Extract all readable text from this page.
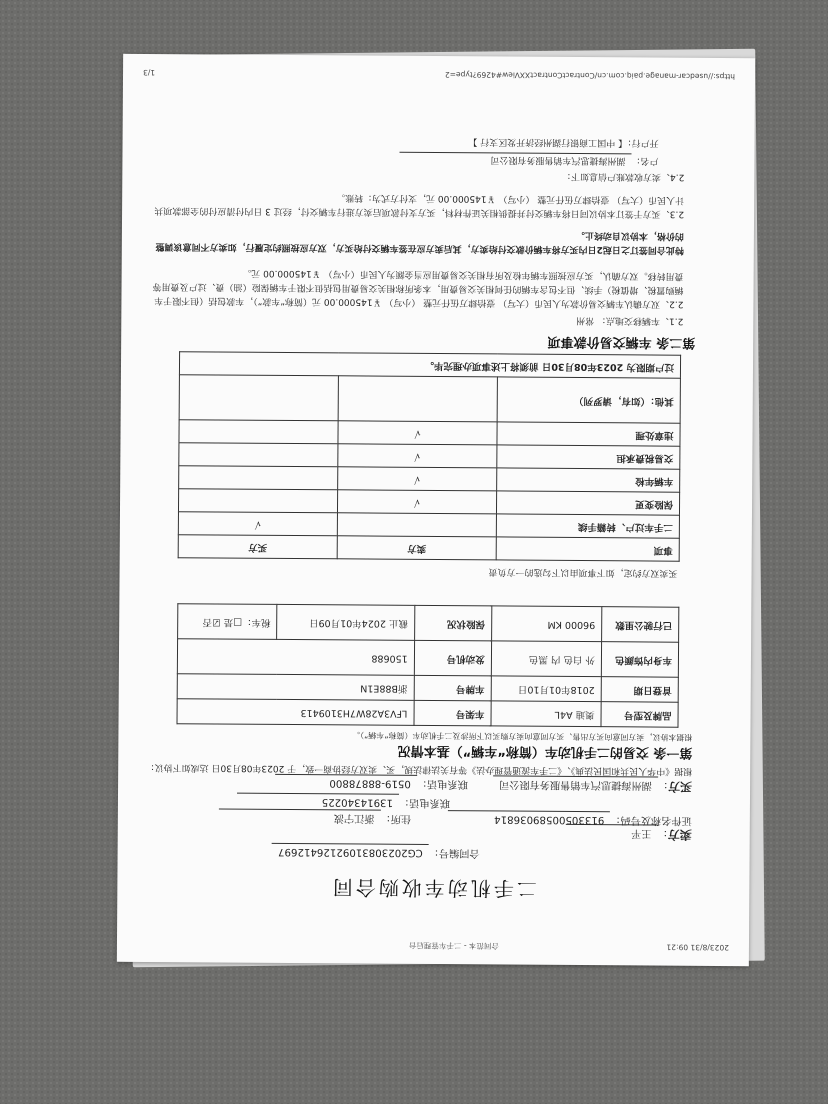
2023/8/31 09:21
合同范本 - 二手车管理后台
二手机动车收购合同
合同编号：CG20230831092126412697
卖方：王平
证件名称及号码：91330500589036814 住所：浙江宁波
联系电话：13914340225
买方：湖州海捷思汽车销售服务有限公司 联系电话：0519-88878800
根据《中华人民共和国民法典》、《二手车流通管理办法》等有关法律法规，买、卖双方经协商一致，于 2023年08月30日 达成如下协议：
第一条 交易的二手机动车（简称“车辆”）基本情况
根据本协议，卖方同意向买方出售、买方同意向卖方购买以下所涉及二手机动车（简称“车辆”）。
品牌及型号	奥迪 A4L	车架号	LFV3A28W7H3109413	
首登日期	2018年01月10日	车牌号	浙B88E1N	
车身内饰颜色	外 白色 内 黑色	发动机号	150688	
已行驶公里数	96000 KM	保险状况	截止 2024年01月09日	税车：□是 ☑否
买卖双方约定，如下事项由以下勾选的一方负责
事项	卖方	买方
二手车过户、转籍手续		√
保险变更	√	
车辆年检	√	
交易税费承担	√	
违章处理	√	
其他：（如有，请罗列）		
过户期限为 2023年08月30日 前须将上述事项办理完毕。		
第二条 车辆交易价款事项
2.1、车辆移交地点： 常州
2.2、双方确认车辆交易价款为人民币（大写） 壹拾肆万伍仟元整 （小写） ￥145000.00 元（简称“车款”），车款包括（但不限于车辆购置税、增值税）手续、但不包含车辆的任何相关交易费用，本条所称相关交易费用包括但不限于车辆保险（油）费、过户及费用等费用转移。双方确认，买方应按照车辆年检及所有相关交易费用应当金额为人民币（小写） ￥145000.00 元。
特此合同签订之日起2日内买方将车辆价款交付给卖方，其后卖方应在签车辆交付给买方，双方应按照约定履行，如卖方不同意该调整的价格，本协议自动终止。
2.3、买方于签订本协议同日将车辆交付并提供相关证件材料，买方支付款项后卖方进行车辆交付，经过 3 日内付清应付的全部款项共计人民币（大写） 壹拾肆万伍仟元整 （小写） ￥145000.00 元，支付方式为：转账。
2.4、卖方收款账户信息如下：
户名：湖州海捷思汽车销售服务有限公司
开户行：【 中国工商银行湖州经济开发区支行 】
https://usedcar-manage.paiq.com.cn/ContractContractXXView#4269?type=2
1/3
